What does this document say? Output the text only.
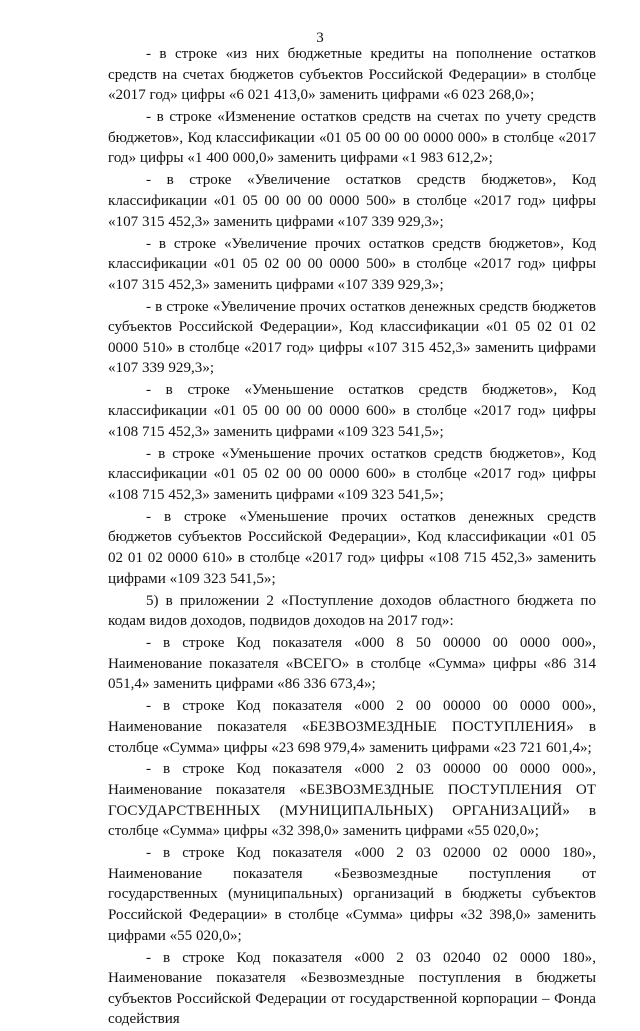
3

- в строке «из них бюджетные кредиты на пополнение остатков средств на счетах бюджетов субъектов Российской Федерации» в столбце «2017 год» цифры «6 021 413,0» заменить цифрами «6 023 268,0»;

- в строке «Изменение остатков средств на счетах по учету средств бюджетов», Код классификации «01 05 00 00 00 0000 000» в столбце «2017 год» цифры «1 400 000,0» заменить цифрами «1 983 612,2»;

- в строке «Увеличение остатков средств бюджетов», Код классификации «01 05 00 00 00 0000 500» в столбце «2017 год» цифры «107 315 452,3» заменить цифрами «107 339 929,3»;

- в строке «Увеличение прочих остатков средств бюджетов», Код классификации «01 05 02 00 00 0000 500» в столбце «2017 год» цифры «107 315 452,3» заменить цифрами «107 339 929,3»;

- в строке «Увеличение прочих остатков денежных средств бюджетов субъектов Российской Федерации», Код классификации «01 05 02 01 02 0000 510» в столбце «2017 год» цифры «107 315 452,3» заменить цифрами «107 339 929,3»;

- в строке «Уменьшение остатков средств бюджетов», Код классификации «01 05 00 00 00 0000 600» в столбце «2017 год» цифры «108 715 452,3» заменить цифрами «109 323 541,5»;

- в строке «Уменьшение прочих остатков средств бюджетов», Код классификации «01 05 02 00 00 0000 600» в столбце «2017 год» цифры «108 715 452,3» заменить цифрами «109 323 541,5»;

- в строке «Уменьшение прочих остатков денежных средств бюджетов субъектов Российской Федерации», Код классификации «01 05 02 01 02 0000 610» в столбце «2017 год» цифры «108 715 452,3» заменить цифрами «109 323 541,5»;

5) в приложении 2 «Поступление доходов областного бюджета по кодам видов доходов, подвидов доходов на 2017 год»:

- в строке Код показателя «000 8 50 00000 00 0000 000», Наименование показателя «ВСЕГО» в столбце «Сумма» цифры «86 314 051,4» заменить цифрами «86 336 673,4»;

- в строке Код показателя «000 2 00 00000 00 0000 000», Наименование показателя «БЕЗВОЗМЕЗДНЫЕ ПОСТУПЛЕНИЯ» в столбце «Сумма» цифры «23 698 979,4» заменить цифрами «23 721 601,4»;

- в строке Код показателя «000 2 03 00000 00 0000 000», Наименование показателя «БЕЗВОЗМЕЗДНЫЕ ПОСТУПЛЕНИЯ ОТ ГОСУДАРСТВЕННЫХ (МУНИЦИПАЛЬНЫХ) ОРГАНИЗАЦИЙ» в столбце «Сумма» цифры «32 398,0» заменить цифрами «55 020,0»;

- в строке Код показателя «000 2 03 02000 02 0000 180», Наименование показателя «Безвозмездные поступления от государственных (муниципальных) организаций в бюджеты субъектов Российской Федерации» в столбце «Сумма» цифры «32 398,0» заменить цифрами «55 020,0»;

- в строке Код показателя «000 2 03 02040 02 0000 180», Наименование показателя «Безвозмездные поступления в бюджеты субъектов Российской Федерации от государственной корпорации – Фонда содействия
